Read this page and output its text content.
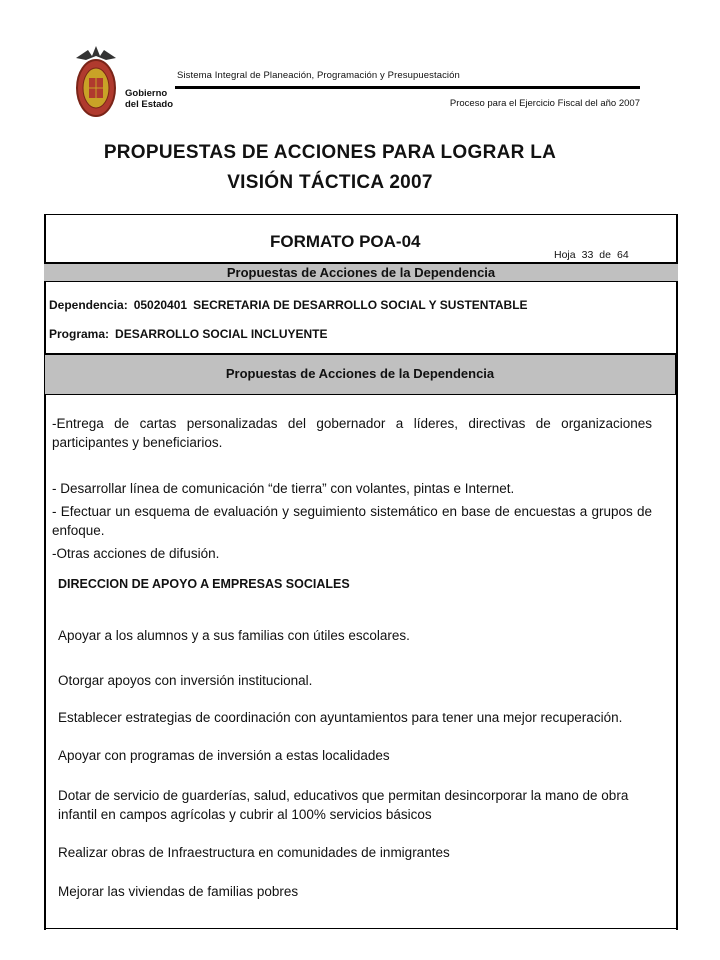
Gobierno
del Estado
Sistema Integral de Planeación, Programación y Presupuestación
Proceso para el Ejercicio Fiscal del año 2007
PROPUESTAS DE ACCIONES PARA LOGRAR LA
VISIÓN TÁCTICA 2007
FORMATO POA-04
Hoja 33 de 64
Propuestas de Acciones de la Dependencia
Dependencia: 05020401 SECRETARIA DE DESARROLLO SOCIAL Y SUSTENTABLE
Programa: DESARROLLO SOCIAL INCLUYENTE
Propuestas de Acciones de la Dependencia
-Entrega de cartas personalizadas del gobernador a líderes, directivas de organizaciones participantes y beneficiarios.
- Desarrollar línea de comunicación “de tierra” con volantes, pintas e Internet.
- Efectuar un esquema de evaluación y seguimiento sistemático en base de encuestas a grupos de enfoque.
-Otras acciones de difusión.
DIRECCION DE APOYO A EMPRESAS SOCIALES
Apoyar a los alumnos y a sus familias con útiles escolares.
Otorgar apoyos con inversión institucional.
Establecer estrategias de coordinación con ayuntamientos para tener una mejor recuperación.
Apoyar con programas de inversión a estas localidades
Dotar de servicio de guarderías, salud, educativos que permitan desincorporar la mano de obra infantil en campos agrícolas y cubrir al 100% servicios básicos
Realizar obras de Infraestructura en comunidades de inmigrantes
Mejorar las viviendas de familias pobres
